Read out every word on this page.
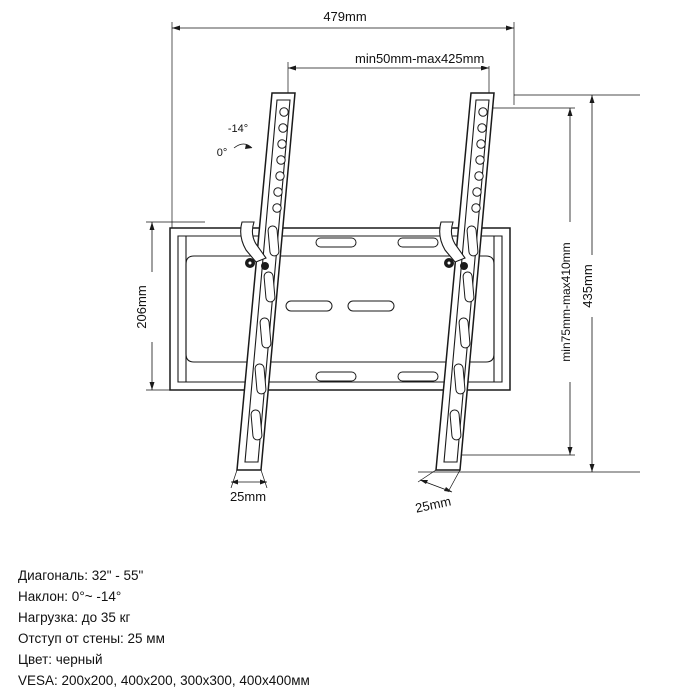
479mm
min50mm-max425mm
206mm	435mm
min75mm-max410mm
-14°
0°
25mm	25mm
Диагональ: 32" - 55"
Наклон: 0°~ -14°
Нагрузка: до 35 кг
Отступ от стены: 25 мм
Цвет: черный
VESA: 200x200, 400x200, 300x300, 400x400мм
